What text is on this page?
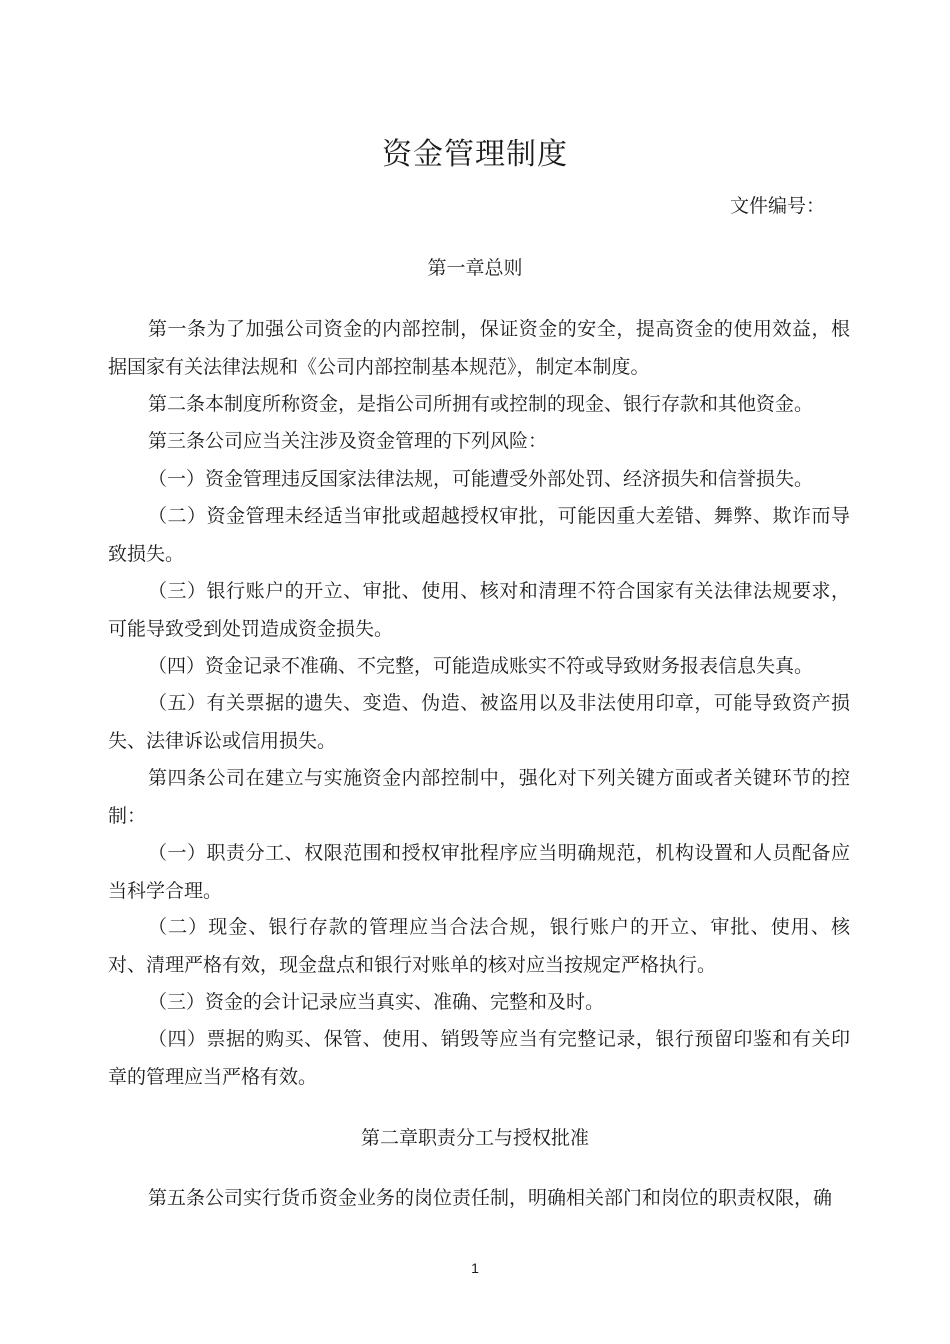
资金管理制度
文件编号：
第一章总则

第一条为了加强公司资金的内部控制，保证资金的安全，提高资金的使用效益，根据国家有关法律法规和《公司内部控制基本规范》，制定本制度。

第二条本制度所称资金，是指公司所拥有或控制的现金、银行存款和其他资金。

第三条公司应当关注涉及资金管理的下列风险：

（一）资金管理违反国家法律法规，可能遭受外部处罚、经济损失和信誉损失。

（二）资金管理未经适当审批或超越授权审批，可能因重大差错、舞弊、欺诈而导致损失。

（三）银行账户的开立、审批、使用、核对和清理不符合国家有关法律法规要求，可能导致受到处罚造成资金损失。

（四）资金记录不准确、不完整，可能造成账实不符或导致财务报表信息失真。

（五）有关票据的遗失、变造、伪造、被盗用以及非法使用印章，可能导致资产损失、法律诉讼或信用损失。

第四条公司在建立与实施资金内部控制中，强化对下列关键方面或者关键环节的控制：

（一）职责分工、权限范围和授权审批程序应当明确规范，机构设置和人员配备应当科学合理。

（二）现金、银行存款的管理应当合法合规，银行账户的开立、审批、使用、核对、清理严格有效，现金盘点和银行对账单的核对应当按规定严格执行。

（三）资金的会计记录应当真实、准确、完整和及时。

（四）票据的购买、保管、使用、销毁等应当有完整记录，银行预留印鉴和有关印章的管理应当严格有效。

第二章职责分工与授权批准

第五条公司实行货币资金业务的岗位责任制，明确相关部门和岗位的职责权限，确

1
